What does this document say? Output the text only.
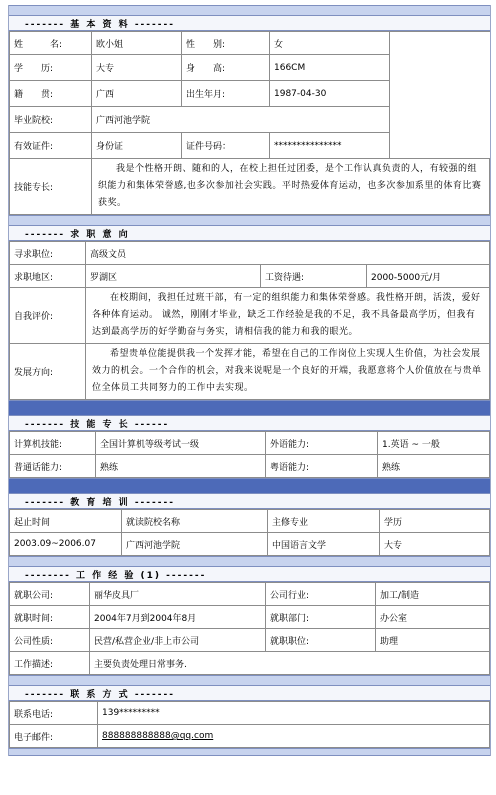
------- 基 本 资 料 -------
姓　　　名:	欧小姐	性　　别:	女	
学　　历:	大专	身　　高:	166CM	
籍　　贯:	广西	出生年月:	1987-04-30	
毕业院校:	广西河池学院			
有效证件:	身份证	证件号码：	***************	
技能专长:	我是个性格开朗、随和的人，在校上担任过团委，是个工作认真负责的人，有较强的组织能力和集体荣誉感,也多次参加社会实践。平时热爱体育运动，也多次参加系里的体育比赛获奖。			
------- 求 职 意 向
寻求职位:	高级文员		
求职地区:	罗湖区	工资待遇:	2000-5000元/月
自我评价:	在校期间，我担任过班干部，有一定的组织能力和集体荣誉感。我性格开朗，活泼，爱好各种体育运动。 诚然，刚刚才毕业，缺乏工作经验是我的不足，我不具备最高学历，但我有达到最高学历的好学勤奋与务实，请相信我的能力和我的眼光。		
发展方向:	希望贵单位能提供我一个发挥才能，希望在自己的工作岗位上实现人生价值，为社会发展效力的机会。一个合作的机会，对我来说呢是一个良好的开端，我愿意将个人价值放在与贵单位全体员工共同努力的工作中去实现。		
------- 技 能 专 长 ------
计算机技能:	全国计算机等级考试一级	外语能力:	1.英语 ~ 一般
普通话能力:	熟练	粤语能力:	熟练
------- 教 育 培 训 -------
起止时间	就读院校名称	主修专业	学历
2003.09~2006.07	广西河池学院	中国语言文学	大专
-------- 工 作 经 验 (1) -------
就职公司:	丽华皮具厂	公司行业:	加工/制造
就职时间:	2004年7月到2004年8月	就职部门:	办公室
公司性质:	民营/私营企业/非上市公司	就职职位:	助理
工作描述:	主要负责处理日常事务.		
------- 联 系 方 式 -------
联系电话:	139*********
电子邮件:	888888888888@qq.com
